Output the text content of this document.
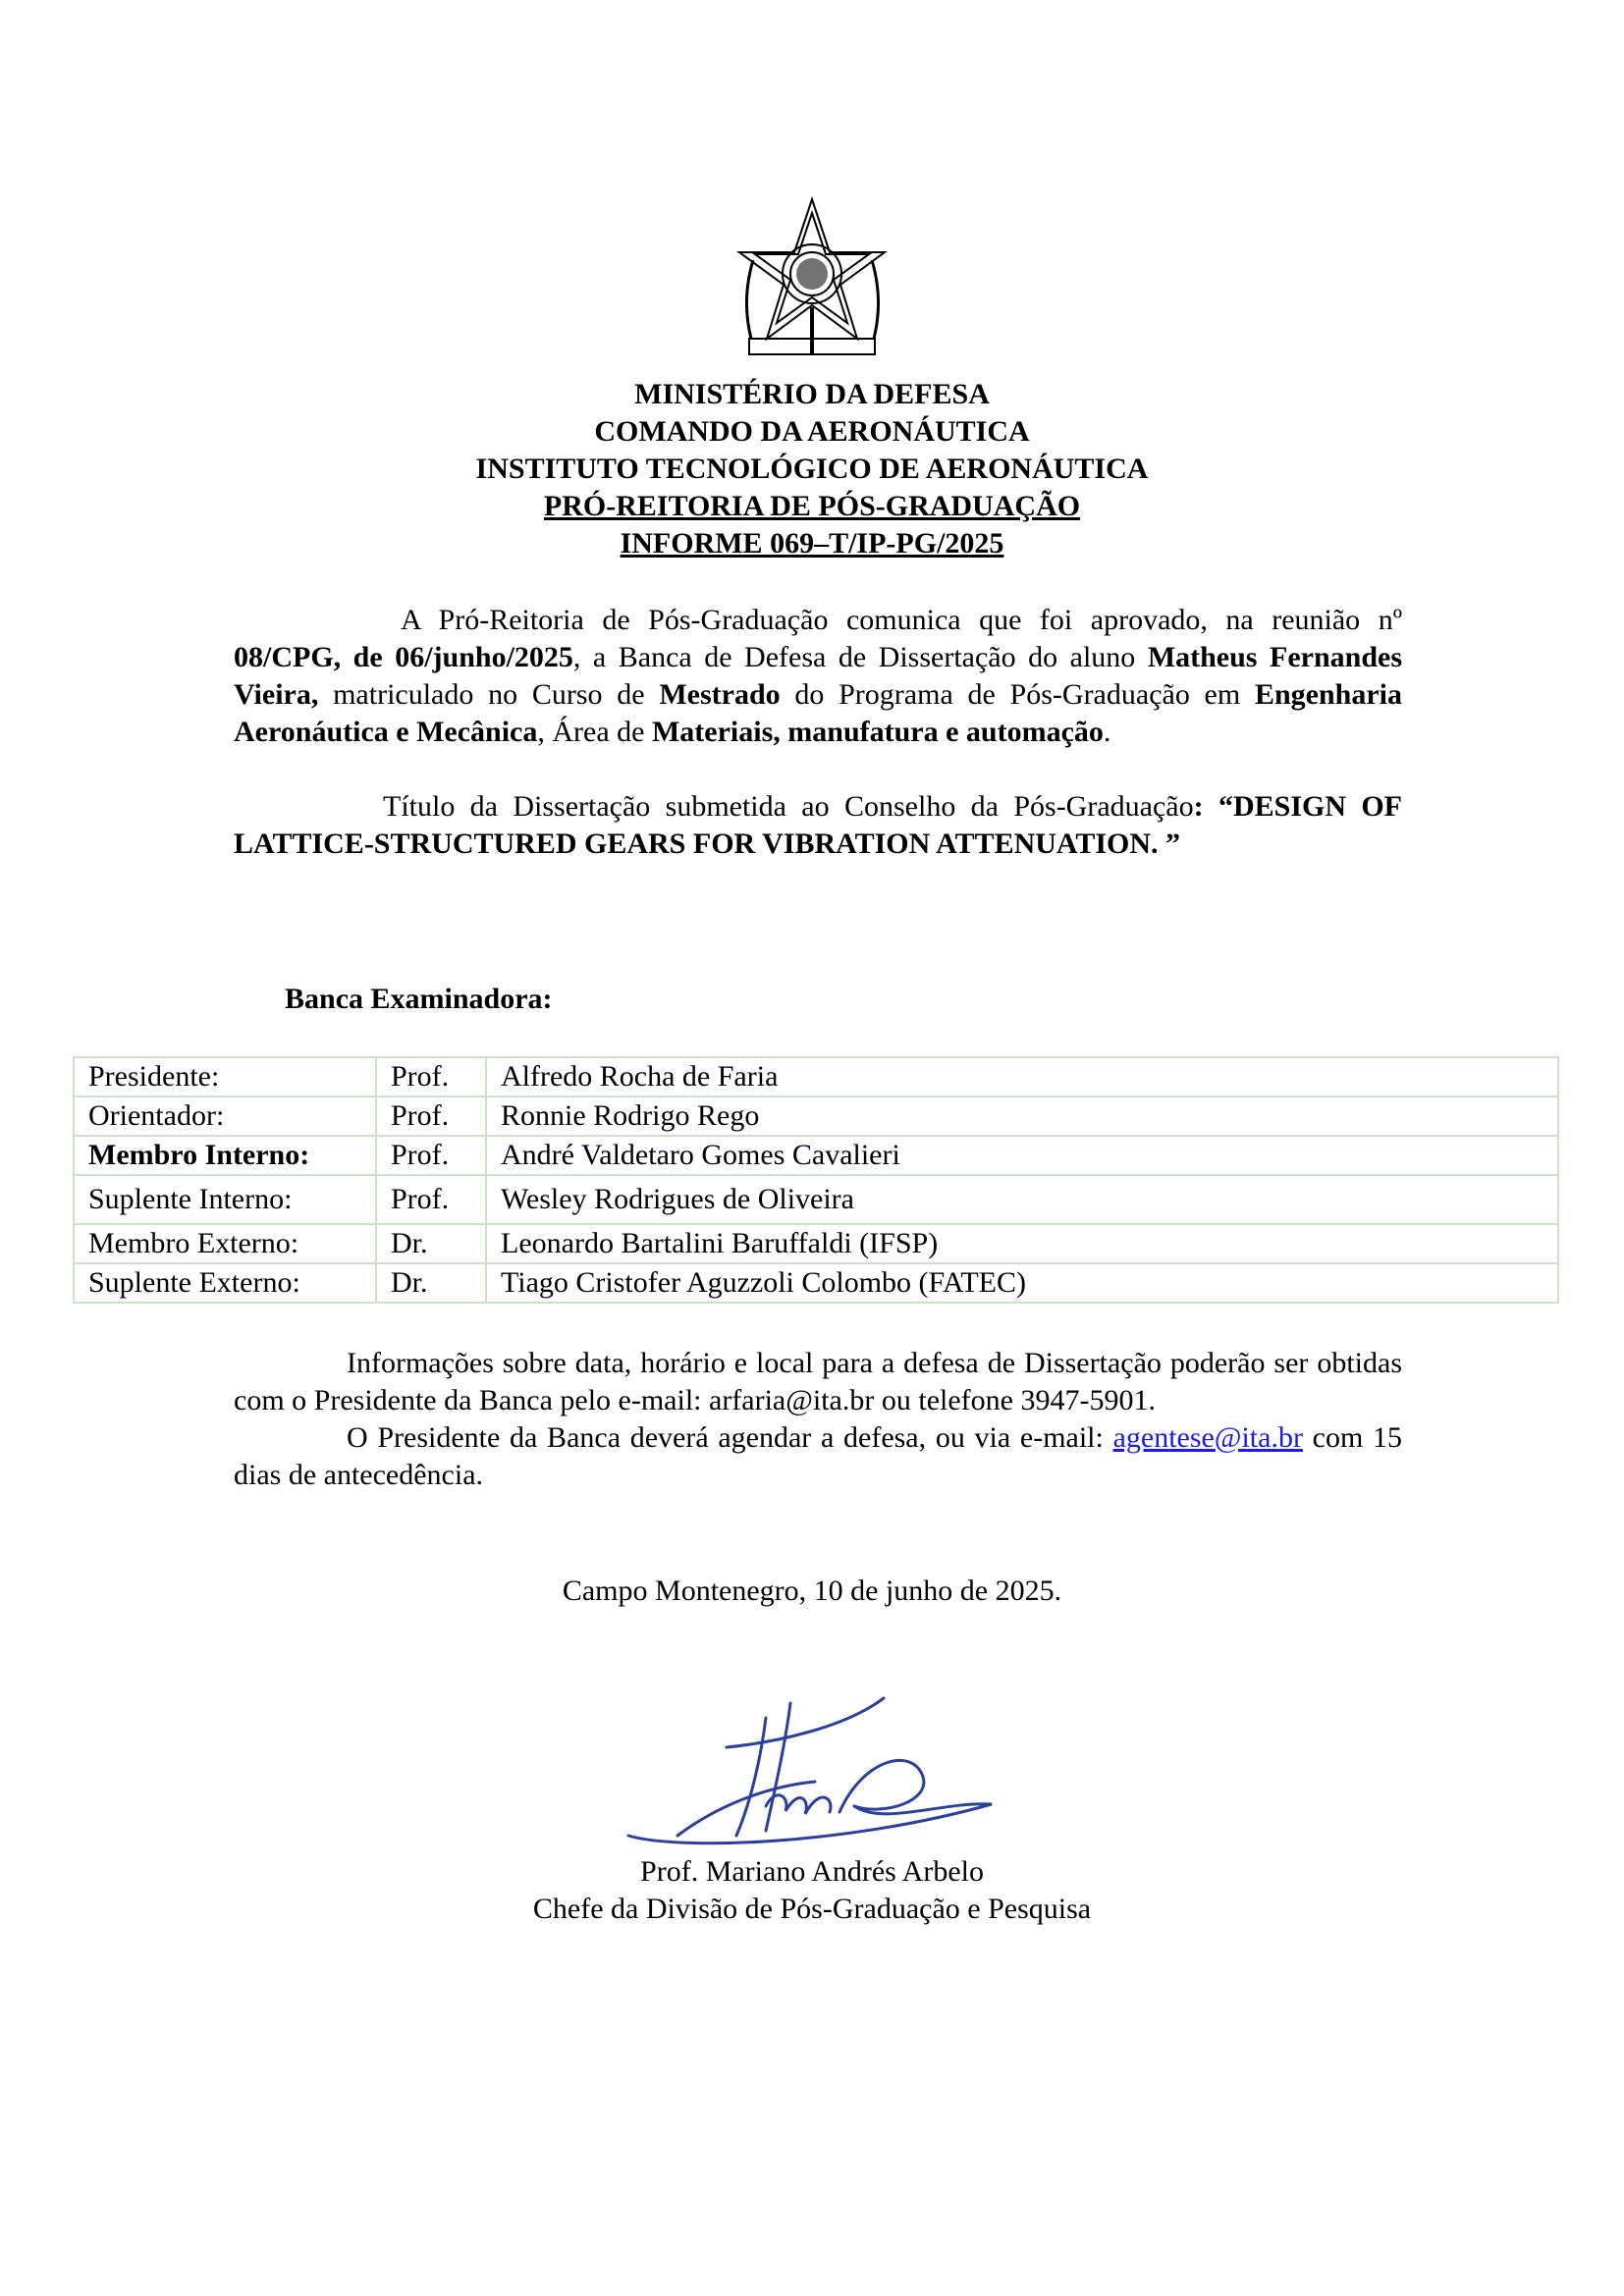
MINISTÉRIO DA DEFESA
COMANDO DA AERONÁUTICA
INSTITUTO TECNOLÓGICO DE AERONÁUTICA
PRÓ-REITORIA DE PÓS-GRADUAÇÃO
INFORME 069–T/IP-PG/2025
A Pró-Reitoria de Pós-Graduação comunica que foi aprovado, na reunião nº 08/CPG, de 06/junho/2025, a Banca de Defesa de Dissertação do aluno Matheus Fernandes Vieira, matriculado no Curso de Mestrado do Programa de Pós-Graduação em Engenharia Aeronáutica e Mecânica, Área de Materiais, manufatura e automação.
Título da Dissertação submetida ao Conselho da Pós-Graduação: “DESIGN OF LATTICE-STRUCTURED GEARS FOR VIBRATION ATTENUATION. ”
Banca Examinadora:
Presidente:	Prof.	Alfredo Rocha de Faria
Orientador:	Prof.	Ronnie Rodrigo Rego
Membro Interno:	Prof.	André Valdetaro Gomes Cavalieri
Suplente Interno:	Prof.	Wesley Rodrigues de Oliveira
Membro Externo:	Dr.	Leonardo Bartalini Baruffaldi (IFSP)
Suplente Externo:	Dr.	Tiago Cristofer Aguzzoli Colombo (FATEC)
Informações sobre data, horário e local para a defesa de Dissertação poderão ser obtidas com o Presidente da Banca pelo e-mail: arfaria@ita.br ou telefone 3947-5901.
O Presidente da Banca deverá agendar a defesa, ou via e-mail: agentese@ita.br com 15 dias de antecedência.
Campo Montenegro, 10 de junho de 2025.
Prof. Mariano Andrés Arbelo
Chefe da Divisão de Pós-Graduação e Pesquisa
